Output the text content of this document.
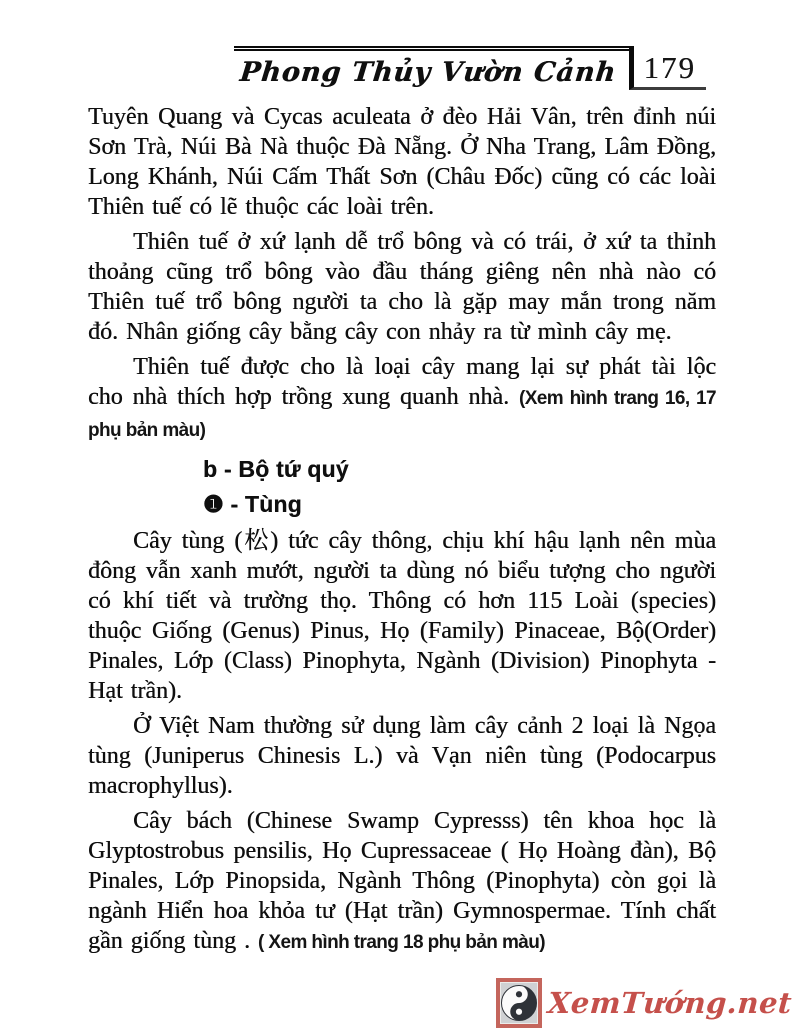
Phong Thủy Vườn Cảnh 179

Tuyên Quang và Cycas aculeata ở đèo Hải Vân, trên đỉnh núi Sơn Trà, Núi Bà Nà thuộc Đà Nẵng. Ở Nha Trang, Lâm Đồng, Long Khánh, Núi Cấm Thất Sơn (Châu Đốc) cũng có các loài Thiên tuế có lẽ thuộc các loài trên.

Thiên tuế ở xứ lạnh dễ trổ bông và có trái, ở xứ ta thỉnh thoảng cũng trổ bông vào đầu tháng giêng nên nhà nào có Thiên tuế trổ bông người ta cho là gặp may mắn trong năm đó. Nhân giống cây bằng cây con nhảy ra từ mình cây mẹ.

Thiên tuế được cho là loại cây mang lại sự phát tài lộc cho nhà thích hợp trồng xung quanh nhà. (Xem hình trang 16, 17 phụ bản màu)

b - Bộ tứ quý
❶ - Tùng

Cây tùng (松) tức cây thông, chịu khí hậu lạnh nên mùa đông vẫn xanh mướt, người ta dùng nó biểu tượng cho người có khí tiết và trường thọ. Thông có hơn 115 Loài (species) thuộc Giống (Genus) Pinus, Họ (Family) Pinaceae, Bộ(Order) Pinales, Lớp (Class) Pinophyta, Ngành (Division) Pinophyta - Hạt trần).

Ở Việt Nam thường sử dụng làm cây cảnh 2 loại là Ngọa tùng (Juniperus Chinesis L.) và Vạn niên tùng (Podocarpus macrophyllus).

Cây bách (Chinese Swamp Cypresss) tên khoa học là Glyptostrobus pensilis, Họ Cupressaceae ( Họ Hoàng đàn), Bộ Pinales, Lớp Pinopsida, Ngành Thông (Pinophyta) còn gọi là ngành Hiển hoa khỏa tư (Hạt trần) Gymnospermae. Tính chất gần giống tùng . ( Xem hình trang 18 phụ bản màu)

XemTướng.net
